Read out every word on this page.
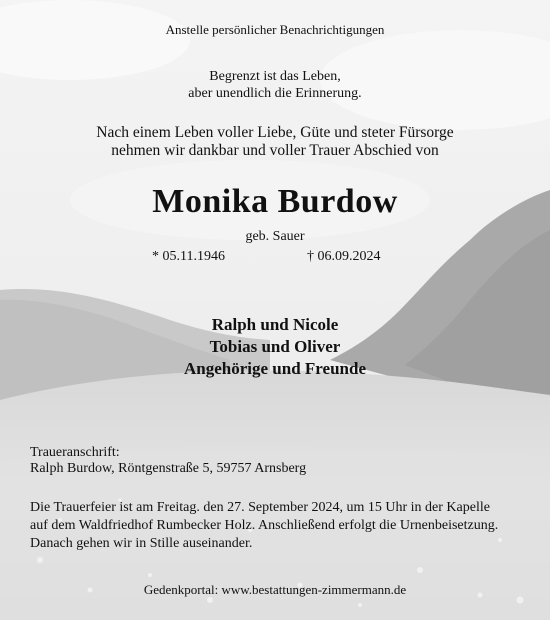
Anstelle persönlicher Benachrichtigungen
Begrenzt ist das Leben,
aber unendlich die Erinnerung.
Nach einem Leben voller Liebe, Güte und steter Fürsorge
nehmen wir dankbar und voller Trauer Abschied von
Monika Burdow
geb. Sauer
* 05.11.1946	† 06.09.2024
Ralph und Nicole
Tobias und Oliver
Angehörige und Freunde
Traueranschrift:
Ralph Burdow, Röntgenstraße 5, 59757 Arnsberg
Die Trauerfeier ist am Freitag. den 27. September 2024, um 15 Uhr in der Kapelle
auf dem Waldfriedhof Rumbecker Holz. Anschließend erfolgt die Urnenbeisetzung.
Danach gehen wir in Stille auseinander.
Gedenkportal: www.bestattungen-zimmermann.de
